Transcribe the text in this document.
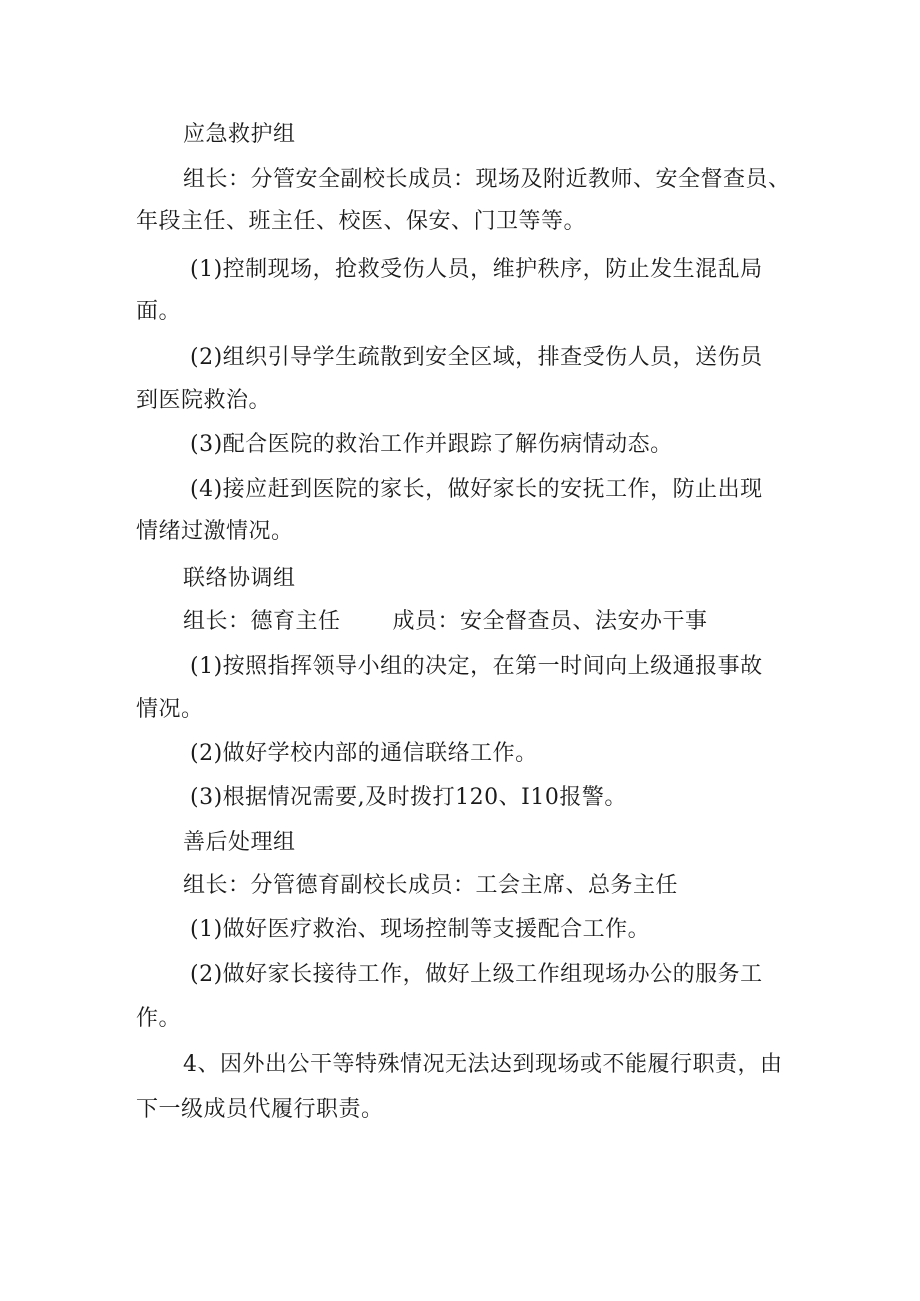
应急救护组
组长：分管安全副校长成员：现场及附近教师、安全督查员、
年段主任、班主任、校医、保安、门卫等等。
(1)控制现场，抢救受伤人员，维护秩序，防止发生混乱局
面。
(2)组织引导学生疏散到安全区域，排查受伤人员，送伤员
到医院救治。
(3)配合医院的救治工作并跟踪了解伤病情动态。
(4)接应赶到医院的家长，做好家长的安抚工作，防止出现
情绪过激情况。
联络协调组
组长：德育主任 成员：安全督查员、法安办干事
(1)按照指挥领导小组的决定，在第一时间向上级通报事故
情况。
(2)做好学校内部的通信联络工作。
(3)根据情况需要,及时拨打120、I10报警。
善后处理组
组长：分管德育副校长成员：工会主席、总务主任
(1)做好医疗救治、现场控制等支援配合工作。
(2)做好家长接待工作，做好上级工作组现场办公的服务工
作。
4、因外出公干等特殊情况无法达到现场或不能履行职责，由
下一级成员代履行职责。
